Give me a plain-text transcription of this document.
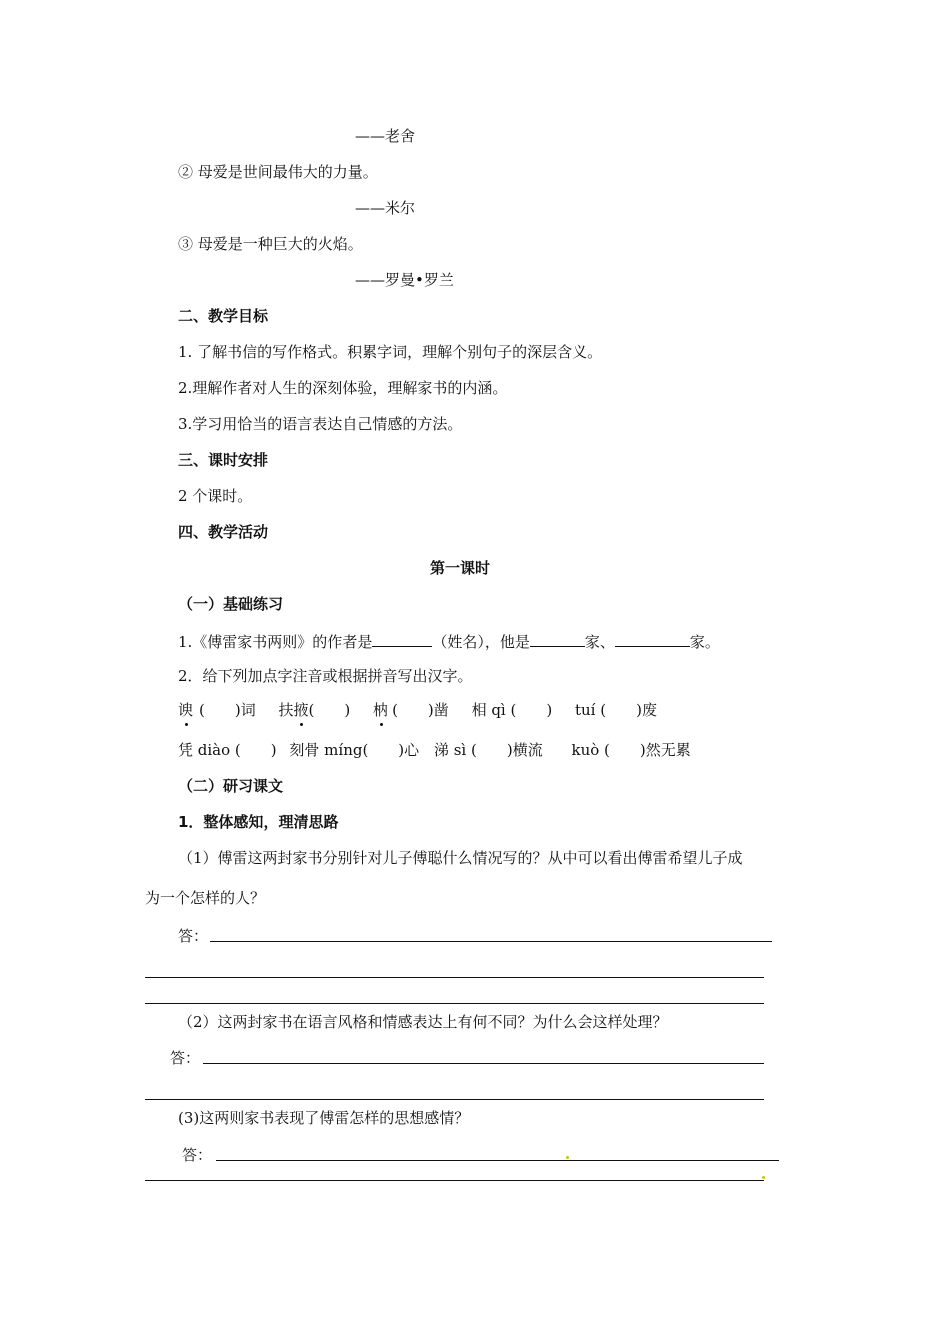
——老舍
② 母爱是世间最伟大的力量。
——米尔
③ 母爱是一种巨大的火焰。
——罗曼•罗兰
二、教学目标
1. 了解书信的写作格式。积累字词，理解个别句子的深层含义。
2.理解作者对人生的深刻体验，理解家书的内涵。
3.学习用恰当的语言表达自己情感的方法。
三、课时安排
2 个课时。
四、教学活动
第一课时
（一）基础练习
1.《傅雷家书两则》的作者是	（姓名），他是	家、	家。
2．给下列加点字注音或根据拼音写出汉字。
谀 (　　)词 扶掖(　　) 枘 (　　)凿 相 qì (　　) tuí (　　)废
凭 diào (　　) 刻骨 míng(　　)心 涕 sì (　　)横流 kuò (　　)然无累
（二）研习课文
1．整体感知，理清思路
（1）傅雷这两封家书分别针对儿子傅聪什么情况写的？从中可以看出傅雷希望儿子成
为一个怎样的人？
答：
（2）这两封家书在语言风格和情感表达上有何不同？为什么会这样处理？
答：
(3)这两则家书表现了傅雷怎样的思想感情？
答：
